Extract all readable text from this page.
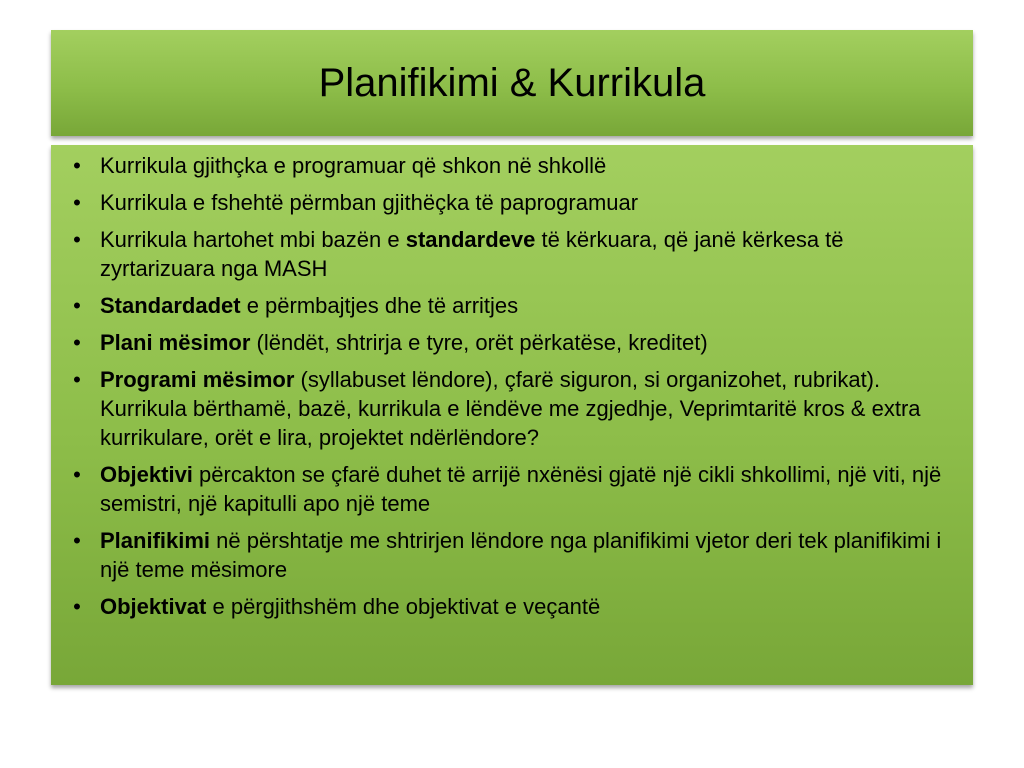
Planifikimi & Kurrikula
• Kurrikula gjithçka e programuar që shkon në shkollë
• Kurrikula e fshehtë përmban gjithëçka të paprogramuar
• Kurrikula hartohet mbi bazën e standardeve të kërkuara, që janë kërkesa të zyrtarizuara nga MASH
• Standardadet e përmbajtjes dhe të arritjes
• Plani mësimor (lëndët, shtrirja e tyre, orët përkatëse, kreditet)
• Programi mësimor (syllabuset lëndore), çfarë siguron, si organizohet, rubrikat). Kurrikula bërthamë, bazë, kurrikula e lëndëve me zgjedhje, Veprimtaritë kros & extra kurrikulare, orët e lira, projektet ndërlëndore?
• Objektivi përcakton se çfarë duhet të arrijë nxënësi gjatë një cikli shkollimi, një viti, një semistri, një kapitulli apo një teme
• Planifikimi në përshtatje me shtrirjen lëndore nga planifikimi vjetor deri tek planifikimi i një teme mësimore
• Objektivat e përgjithshëm dhe objektivat e veçantë
